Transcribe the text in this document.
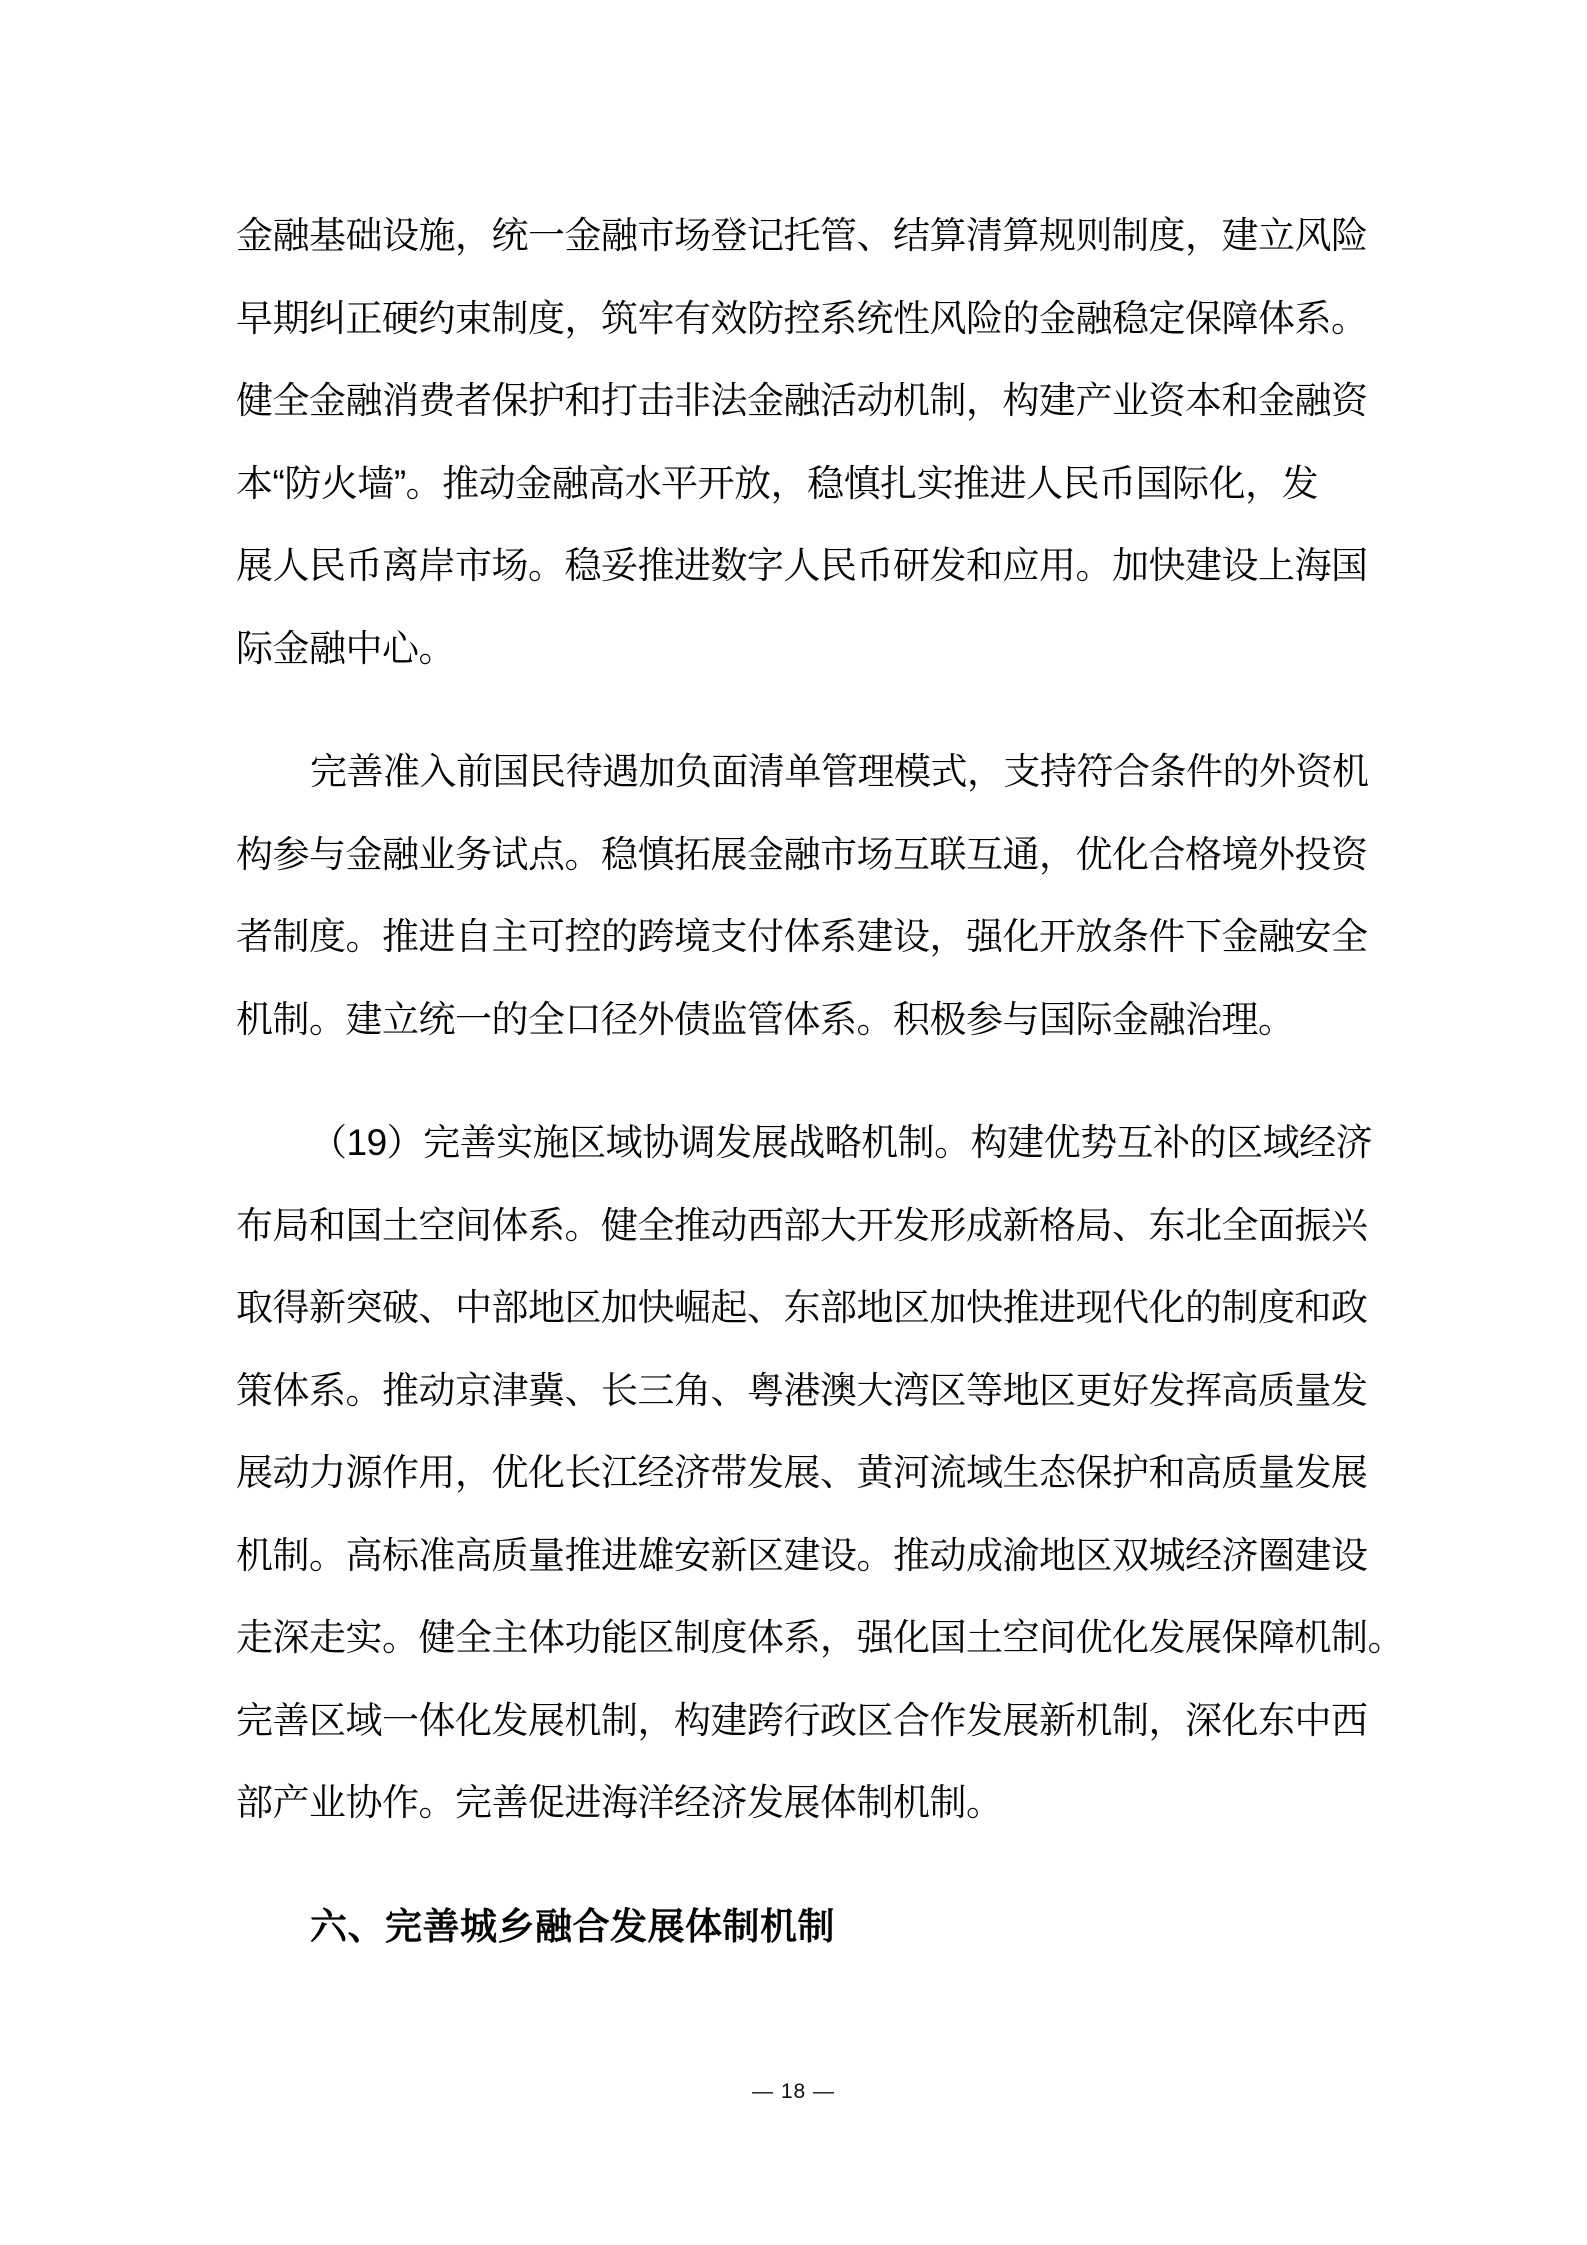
金融基础设施，统一金融市场登记托管、结算清算规则制度，建立风险
早期纠正硬约束制度，筑牢有效防控系统性风险的金融稳定保障体系。
健全金融消费者保护和打击非法金融活动机制，构建产业资本和金融资
本“防火墙”。推动金融高水平开放，稳慎扎实推进人民币国际化，发
展人民币离岸市场。稳妥推进数字人民币研发和应用。加快建设上海国
际金融中心。
完善准入前国民待遇加负面清单管理模式，支持符合条件的外资机
构参与金融业务试点。稳慎拓展金融市场互联互通，优化合格境外投资
者制度。推进自主可控的跨境支付体系建设，强化开放条件下金融安全
机制。建立统一的全口径外债监管体系。积极参与国际金融治理。
（19）完善实施区域协调发展战略机制。构建优势互补的区域经济
布局和国土空间体系。健全推动西部大开发形成新格局、东北全面振兴
取得新突破、中部地区加快崛起、东部地区加快推进现代化的制度和政
策体系。推动京津冀、长三角、粤港澳大湾区等地区更好发挥高质量发
展动力源作用，优化长江经济带发展、黄河流域生态保护和高质量发展
机制。高标准高质量推进雄安新区建设。推动成渝地区双城经济圈建设
走深走实。健全主体功能区制度体系，强化国土空间优化发展保障机制。
完善区域一体化发展机制，构建跨行政区合作发展新机制，深化东中西
部产业协作。完善促进海洋经济发展体制机制。
六、完善城乡融合发展体制机制
— 18 —
